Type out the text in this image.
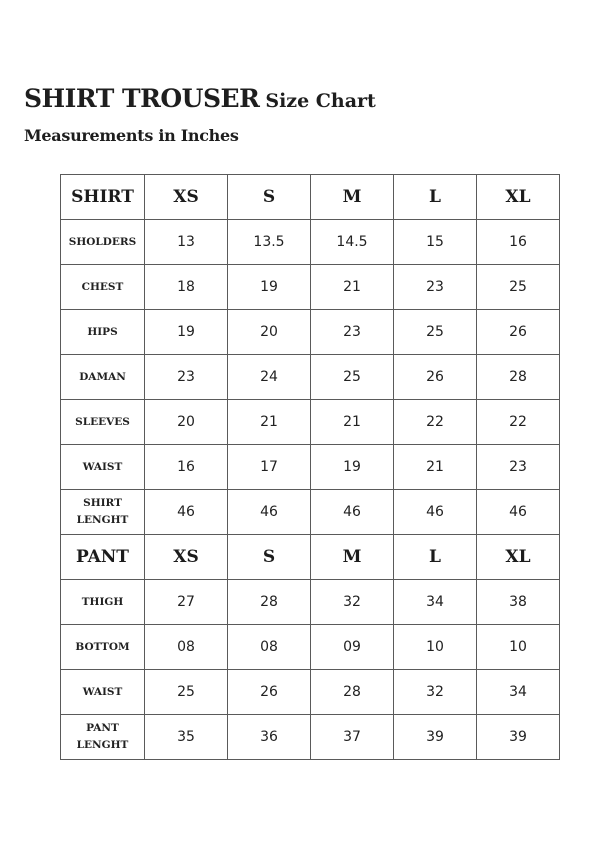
SHIRT TROUSER Size Chart
Measurements in Inches
SHIRT	XS	S	M	L	XL

SHOLDERS	13	13.5	14.5	15	16

CHEST	18	19	21	23	25

HIPS	19	20	23	25	26

DAMAN	23	24	25	26	28

SLEEVES	20	21	21	22	22

WAIST	16	17	19	21	23

SHIRT
LENGHT	46	46	46	46	46
PANT	XS	S	M	L	XL

THIGH	27	28	32	34	38

BOTTOM	08	08	09	10	10

WAIST	25	26	28	32	34

PANT
LENGHT	35	36	37	39	39
